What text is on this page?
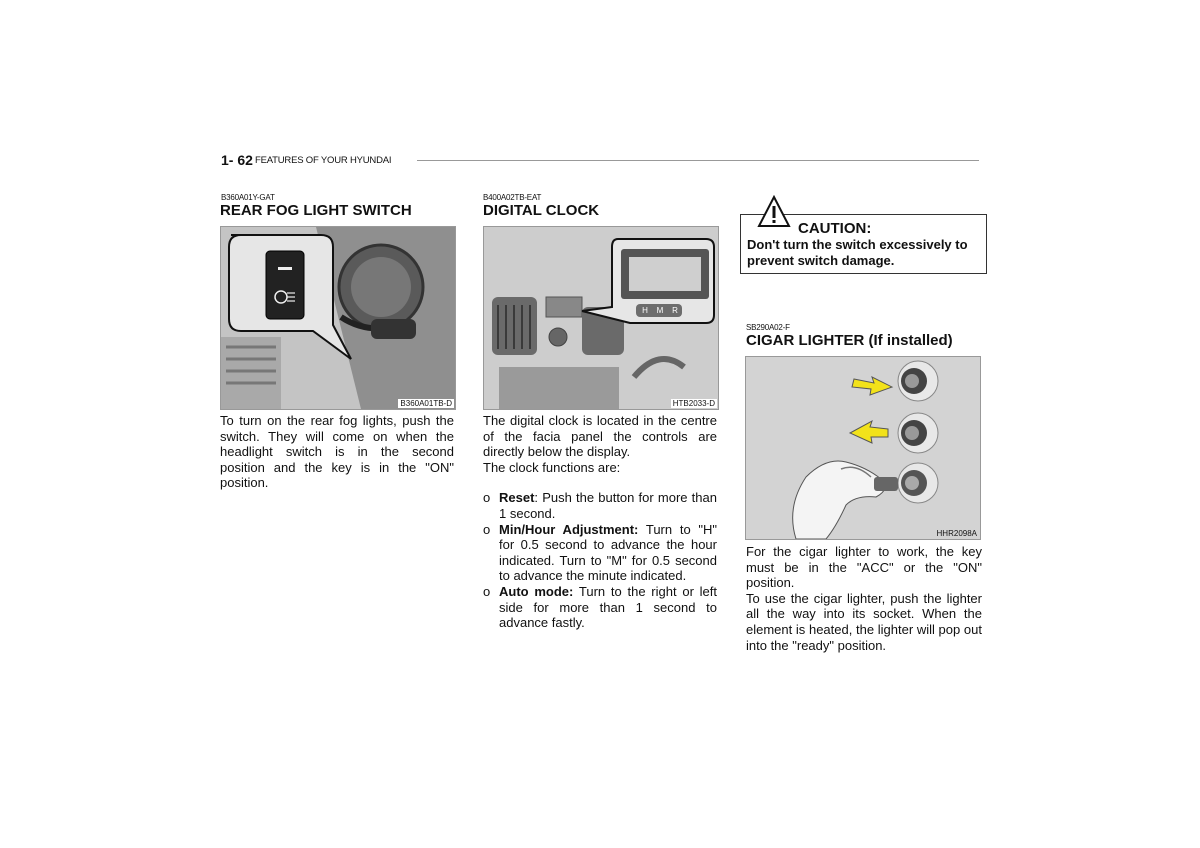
1- 62 FEATURES OF YOUR HYUNDAI
B360A01Y-GAT
REAR FOG LIGHT SWITCH
B360A01TB-D
To turn on the rear fog lights, push the switch. They will come on when the headlight switch is in the second position and the key is in the "ON" position.
B400A02TB-EAT
DIGITAL CLOCK
H	M	R
HTB2033-D
The digital clock is located in the centre of the facia panel the controls are directly below the display.
The clock functions are:
o Reset: Push the button for more than 1 second.
o Min/Hour Adjustment: Turn to "H" for 0.5 second to advance the hour indicated. Turn to "M" for 0.5 second to advance the minute indicated.
o Auto mode: Turn to the right or left side for more than 1 second to advance fastly.
CAUTION:
Don't turn the switch excessively to prevent switch damage.
SB290A02-F
CIGAR LIGHTER (If installed)
HHR2098A
For the cigar lighter to work, the key must be in the "ACC" or the "ON" position.
To use the cigar lighter, push the lighter all the way into its socket. When the element is heated, the lighter will pop out into the "ready" position.
